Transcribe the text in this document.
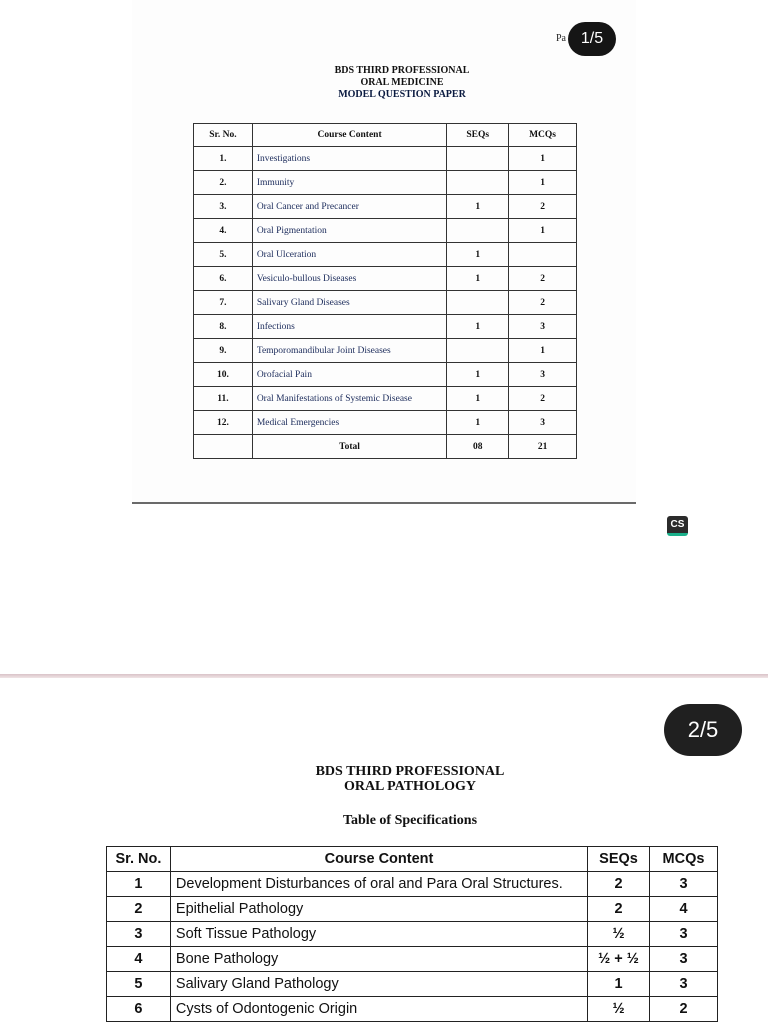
Pa 1/5
BDS THIRD PROFESSIONAL
ORAL MEDICINE
MODEL QUESTION PAPER
Sr. No.	Course Content	SEQs	MCQs
1.	Investigations		1
2.	Immunity		1
3.	Oral Cancer and Precancer	1	2
4.	Oral Pigmentation		1
5.	Oral Ulceration	1	
6.	Vesiculo-bullous Diseases	1	2
7.	Salivary Gland Diseases		2
8.	Infections	1	3
9.	Temporomandibular Joint Diseases		1
10.	Orofacial Pain	1	3
11.	Oral Manifestations of Systemic Disease	1	2
12.	Medical Emergencies	1	3
	Total	08	21
CS
2/5
BDS THIRD PROFESSIONAL
ORAL PATHOLOGY
Table of Specifications
Sr. No.	Course Content	SEQs	MCQs
1	Development Disturbances of oral and Para Oral Structures.	2	3
2	Epithelial Pathology	2	4
3	Soft Tissue Pathology	½	3
4	Bone Pathology	½ + ½	3
5	Salivary Gland Pathology	1	3
6	Cysts of Odontogenic Origin	½	2
